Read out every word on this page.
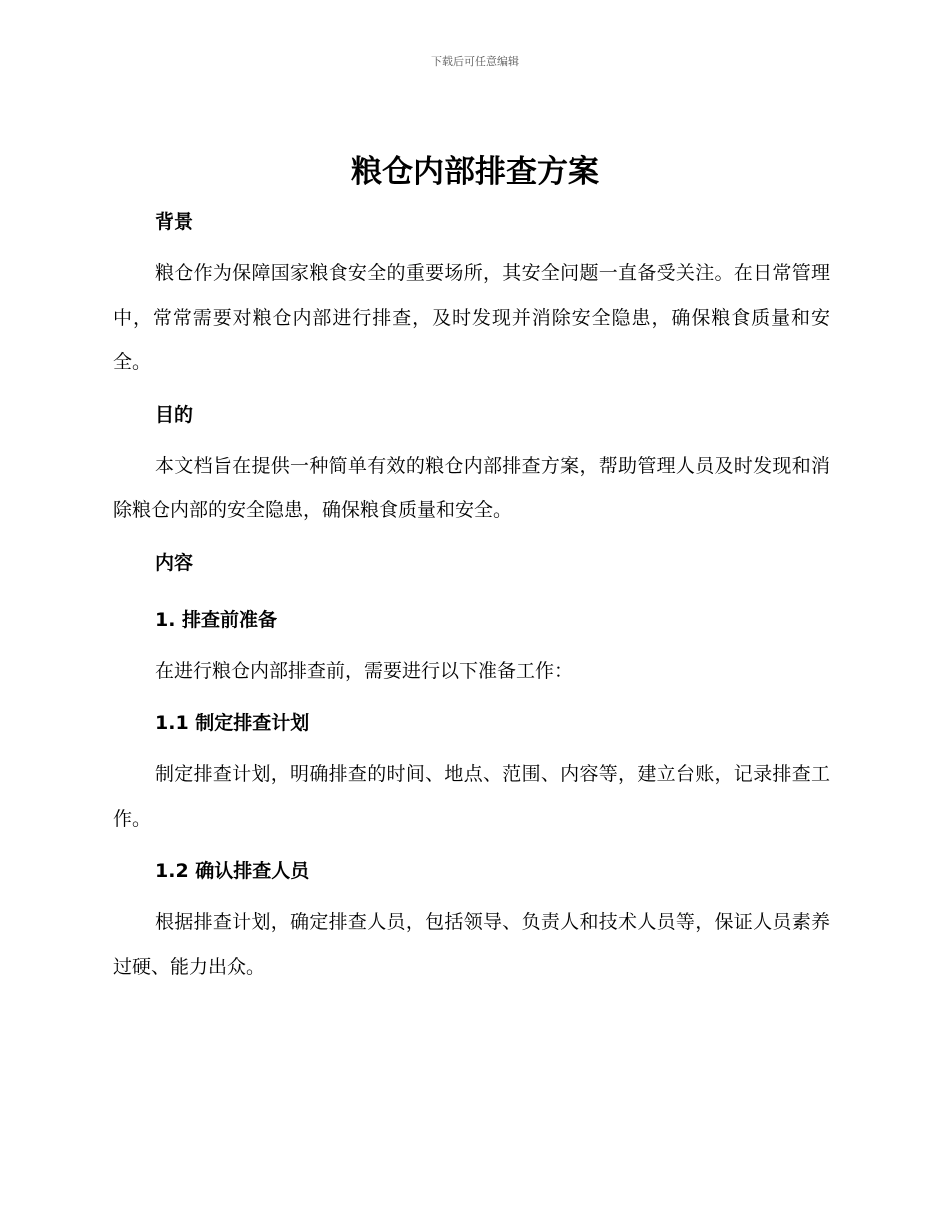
下载后可任意编辑
粮仓内部排查方案

背景

粮仓作为保障国家粮食安全的重要场所，其安全问题一直备受关注。在日常管理中，常常需要对粮仓内部进行排查，及时发现并消除安全隐患，确保粮食质量和安全。

目的

本文档旨在提供一种简单有效的粮仓内部排查方案，帮助管理人员及时发现和消除粮仓内部的安全隐患，确保粮食质量和安全。

内容

1. 排查前准备

在进行粮仓内部排查前，需要进行以下准备工作：

1.1 制定排查计划

制定排查计划，明确排查的时间、地点、范围、内容等，建立台账，记录排查工作。

1.2 确认排查人员

根据排查计划，确定排查人员，包括领导、负责人和技术人员等，保证人员素养过硬、能力出众。
